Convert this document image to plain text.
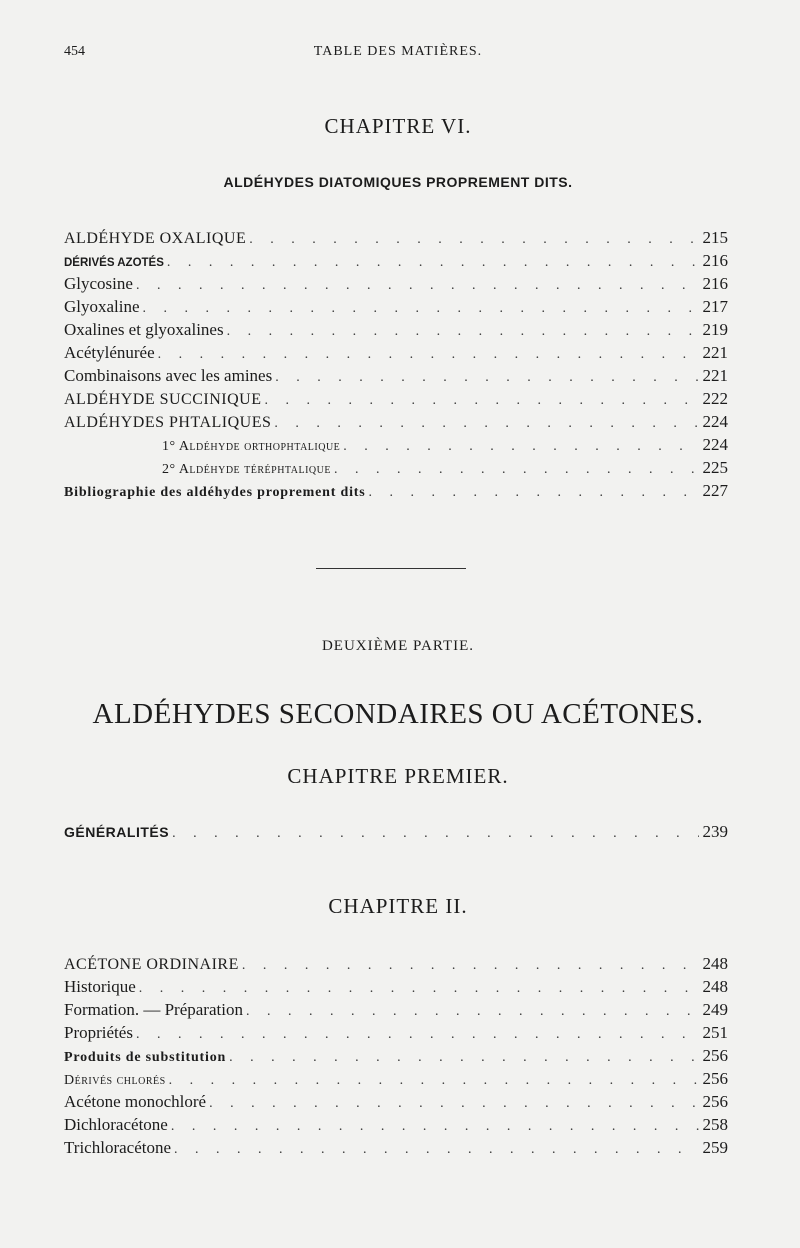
454	TABLE DES MATIÈRES.
CHAPITRE VI.
ALDÉHYDES DIATOMIQUES PROPREMENT DITS.
ALDÉHYDE OXALIQUE . . .	215
DÉRIVÉS AZOTÉS . . .	216
Glycosine . . .	216
Glyoxaline . . .	217
Oxalines et glyoxalines . . .	219
Acétylénurée . . .	221
Combinaisons avec les amines . . .	221
ALDÉHYDE SUCCINIQUE . . .	222
ALDÉHYDES PHTALIQUES . . .	224
1° Aldéhyde orthophtalique . . .	224
2° Aldéhyde téréphtalique . . .	225
Bibliographie des aldéhydes proprement dits . . .	227
DEUXIÈME PARTIE.
ALDÉHYDES SECONDAIRES OU ACÉTONES.
CHAPITRE PREMIER.
GÉNÉRALITÉS . . .	239
CHAPITRE II.
ACÉTONE ORDINAIRE . . .	248
Historique . . .	248
Formation. — Préparation . . .	249
Propriétés . . .	251
Produits de substitution . . .	256
Dérivés chlorés . . .	256
Acétone monochloré . . .	256
Dichloracétone . . .	258
Trichloracétone . . .	259
